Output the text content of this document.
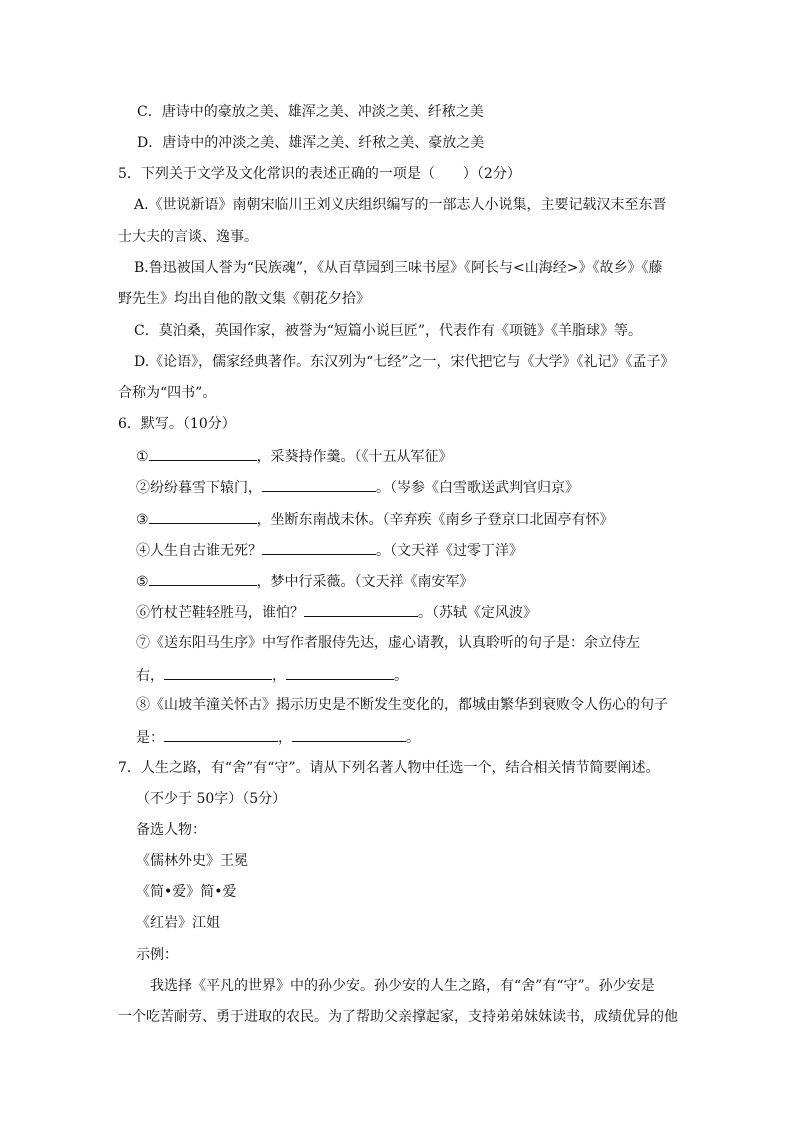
C．唐诗中的豪放之美、雄浑之美、冲淡之美、纤秾之美
D．唐诗中的冲淡之美、雄浑之美、纤秾之美、豪放之美
5．下列关于文学及文化常识的表述正确的一项是（　　）（2分）
A.《世说新语》南朝宋临川王刘义庆组织编写的一部志人小说集，主要记载汉末至东晋
士大夫的言谈、逸事。
B.鲁迅被国人誉为“民族魂”，《从百草园到三味书屋》《阿长与<山海经>》《故乡》《藤
野先生》均出自他的散文集《朝花夕拾》
C．莫泊桑，英国作家，被誉为“短篇小说巨匠”，代表作有《项链》《羊脂球》等。
D.《论语》，儒家经典著作。东汉列为“七经”之一，宋代把它与《大学》《礼记》《孟子》
合称为“四书”。
6．默写。（10分）
①	，采葵持作羹。（《十五从军征》
②纷纷暮雪下辕门，	。（岑参《白雪歌送武判官归京》
③	，坐断东南战未休。（辛弃疾《南乡子登京口北固亭有怀》
④人生自古谁无死？	。（文天祥《过零丁洋》
⑤	，梦中行采薇。（文天祥《南安军》
⑥竹杖芒鞋轻胜马，谁怕？	。（苏轼《定风波》
⑦《送东阳马生序》中写作者服侍先达，虚心请教，认真聆听的句子是：余立侍左
右，	，	。
⑧《山坡羊潼关怀古》揭示历史是不断发生变化的，都城由繁华到衰败令人伤心的句子
是：	，	。
7．人生之路，有“舍”有“守”。请从下列名著人物中任选一个，结合相关情节简要阐述。
（不少于 50字）（5分）
备选人物：
《儒林外史》王冕
《简•爱》简•爱
《红岩》江姐
示例：
我选择《平凡的世界》中的孙少安。孙少安的人生之路，有“舍”有“守”。孙少安是
一个吃苦耐劳、勇于进取的农民。为了帮助父亲撑起家，支持弟弟妹妹读书，成绩优异的他
